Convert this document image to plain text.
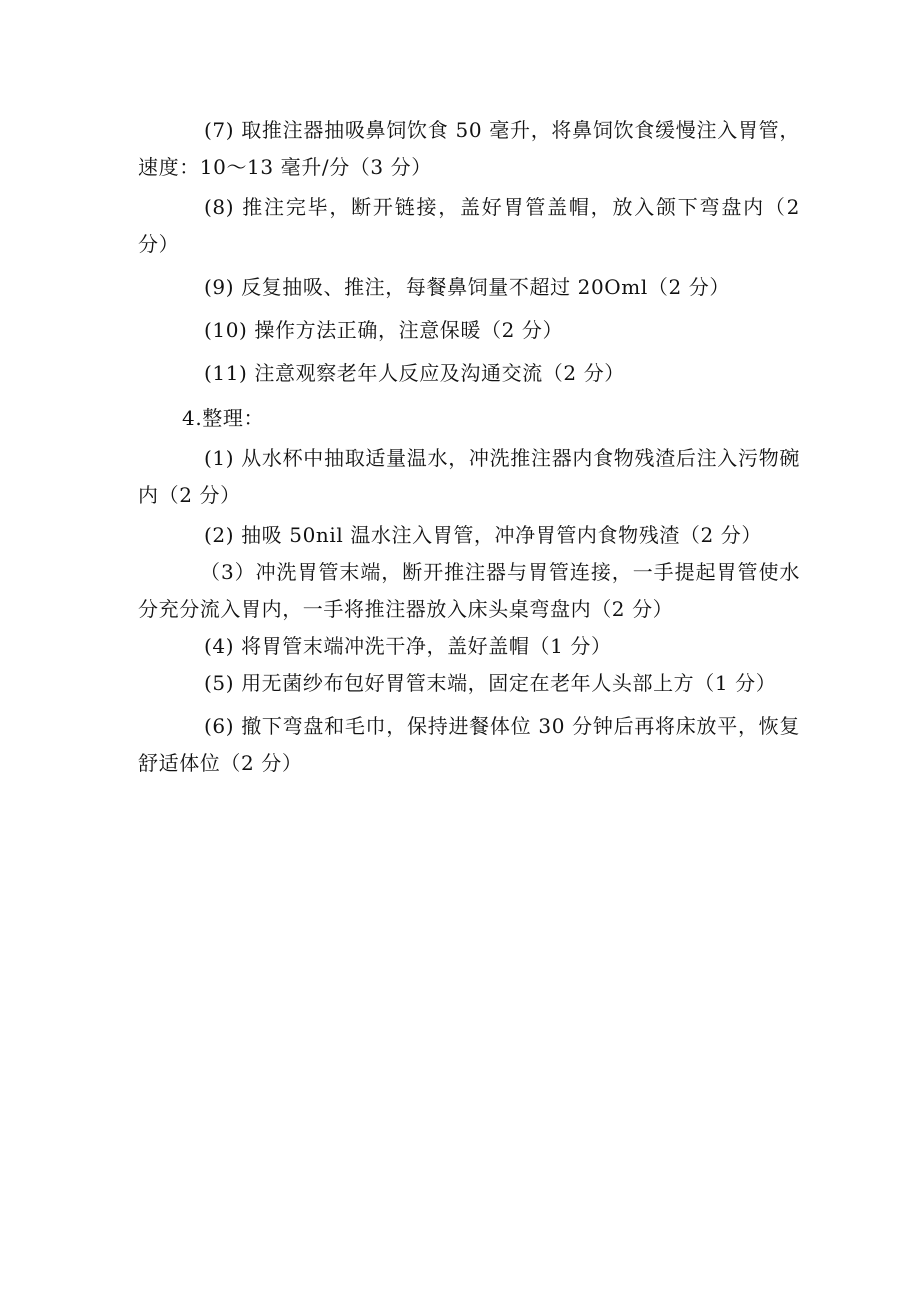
(7) 取推注器抽吸鼻饲饮食 50 毫升，将鼻饲饮食缓慢注入胃管，速度：10～13 毫升/分（3 分）

(8) 推注完毕，断开链接，盖好胃管盖帽，放入颌下弯盘内（2 分）

(9) 反复抽吸、推注，每餐鼻饲量不超过 20Oml（2 分）

(10) 操作方法正确，注意保暖（2 分）

(11) 注意观察老年人反应及沟通交流（2 分）

4.整理：

(1) 从水杯中抽取适量温水，冲洗推注器内食物残渣后注入污物碗内（2 分）

(2) 抽吸 50nil 温水注入胃管，冲净胃管内食物残渣（2 分）

（3）冲洗胃管末端，断开推注器与胃管连接，一手提起胃管使水分充分流入胃内，一手将推注器放入床头桌弯盘内（2 分）

(4) 将胃管末端冲洗干净，盖好盖帽（1 分）

(5) 用无菌纱布包好胃管末端，固定在老年人头部上方（1 分）

(6) 撤下弯盘和毛巾，保持进餐体位 30 分钟后再将床放平，恢复舒适体位（2 分）
